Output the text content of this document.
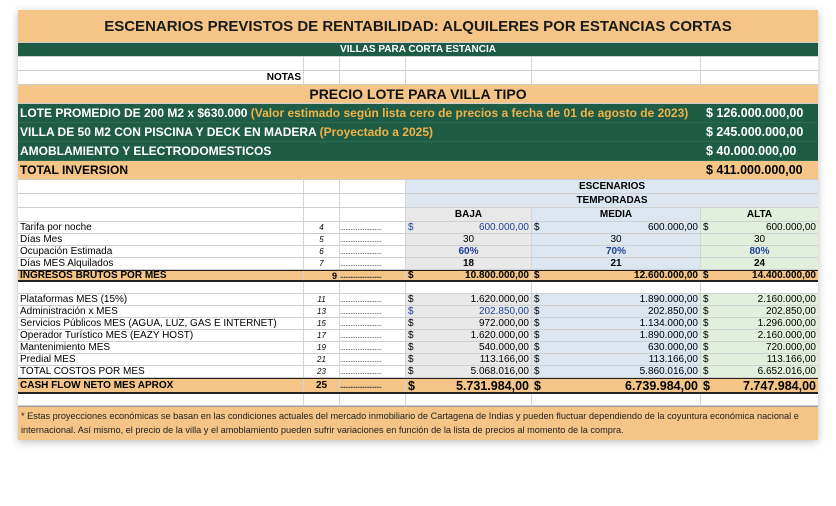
ESCENARIOS PREVISTOS DE RENTABILIDAD: ALQUILERES POR ESTANCIAS CORTAS
VILLAS PARA CORTA ESTANCIA
NOTAS
PRECIO LOTE PARA VILLA TIPO
LOTE PROMEDIO DE 200 M2 x $630.000 (Valor estimado según lista cero de precios a fecha de 01 de agosto de 2023)	$ 126.000.000,00
VILLA DE 50 M2 CON PISCINA Y DECK EN MADERA (Proyectado a 2025)	$ 245.000.000,00
AMOBLAMIENTO Y ELECTRODOMESTICOS	$ 40.000.000,00
TOTAL INVERSION	$ 411.000.000,00
ESCENARIOS
TEMPORADAS
BAJA	MEDIA	ALTA
Tarifa por noche	4	........................	$	600.000,00 $	600.000,00 $	600.000,00
Días Mes	5	........................	30	30	30
Ocupación Estimada	6	........................	60%	70%	80%
Días MES Alquilados	7	........................	18	21	24
INGRESOS BRUTOS POR MES	9 ........................	$	10.800.000,00 $	12.600.000,00 $	14.400.000,00
Plataformas MES (15%)	11	........................	$	1.620.000,00 $	1.890.000,00 $	2.160.000,00
Administración x MES	13	........................	$	202.850,00 $	202.850,00 $	202.850,00
Servicios Públicos MES (AGUA, LUZ, GAS E INTERNET)	15	........................	$	972.000,00 $	1.134.000,00 $	1.296.000,00
Operador Turístico MES (EAZY HOST)	17	........................	$	1.620.000,00 $	1.890.000,00 $	2.160.000,00
Mantenimiento MES	19	........................	$	540.000,00 $	630.000,00 $	720.000,00
Predial MES	21	........................	$	113.166,00 $	113.166,00 $	113.166,00
TOTAL COSTOS POR MES	23	........................	$	5.068.016,00 $	5.860.016,00 $	6.652.016,00
CASH FLOW NETO MES APROX	25	........................	$	5.731.984,00 $	6.739.984,00 $	7.747.984,00
* Estas proyecciones económicas se basan en las condiciones actuales del mercado inmobiliario de Cartagena de Indias y pueden fluctuar dependiendo de la coyuntura económica nacional e internacional. Así mismo, el precio de la villa y el amoblamiento pueden sufrir variaciones en función de la lista de precios al momento de la compra.
